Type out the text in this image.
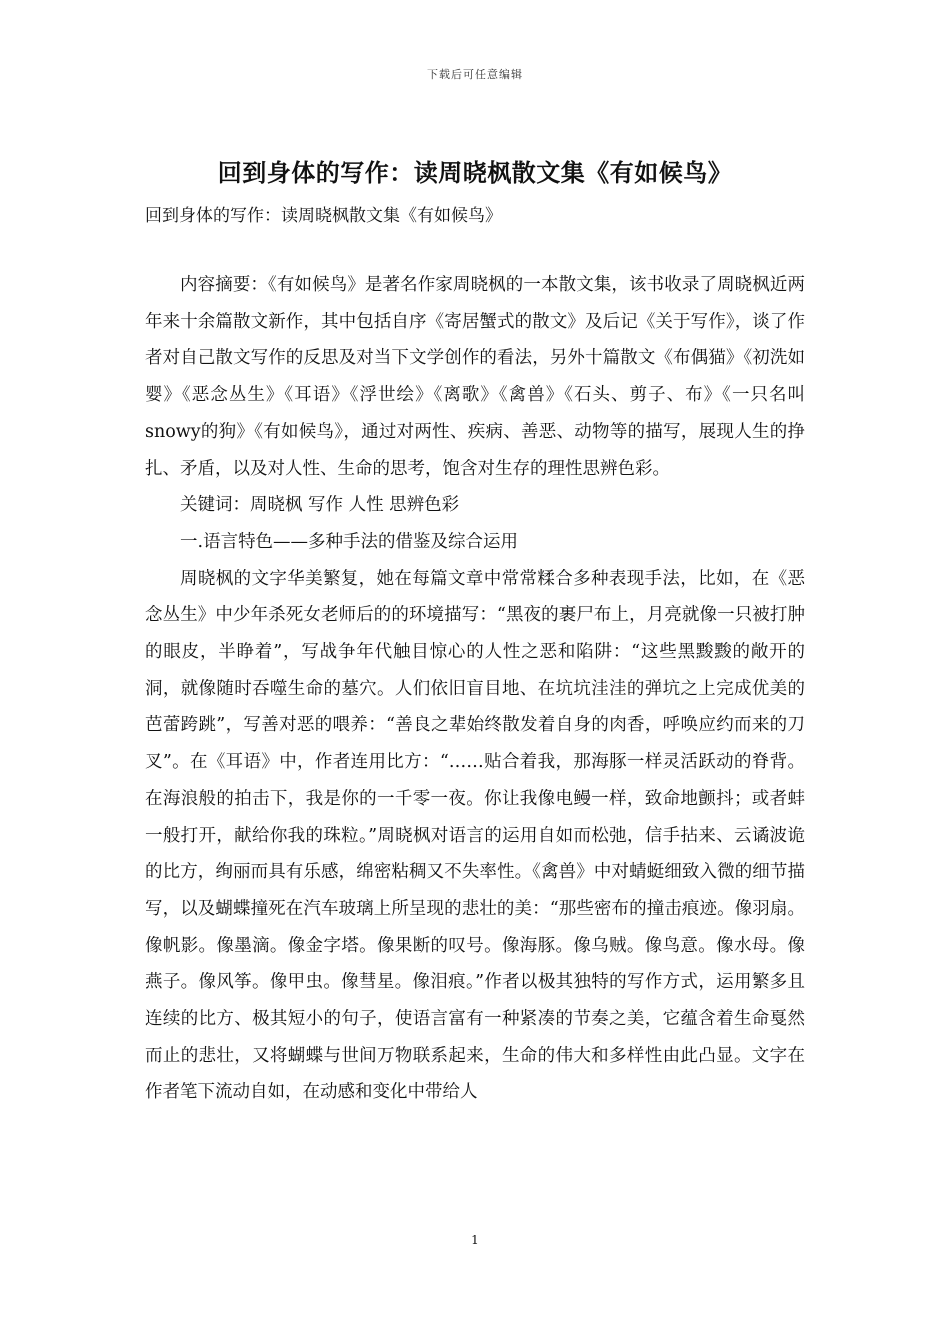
下载后可任意编辑
回到身体的写作：读周晓枫散文集《有如候鸟》
回到身体的写作：读周晓枫散文集《有如候鸟》

内容摘要：《有如候鸟》是著名作家周晓枫的一本散文集，该书收录了周晓枫近两年来十余篇散文新作，其中包括自序《寄居蟹式的散文》及后记《关于写作》，谈了作者对自己散文写作的反思及对当下文学创作的看法，另外十篇散文《布偶猫》《初洗如婴》《恶念丛生》《耳语》《浮世绘》《离歌》《禽兽》《石头、剪子、布》《一只名叫snowy的狗》《有如候鸟》，通过对两性、疾病、善恶、动物等的描写，展现人生的挣扎、矛盾，以及对人性、生命的思考，饱含对生存的理性思辨色彩。

关键词：周晓枫 写作 人性 思辨色彩

一.语言特色——多种手法的借鉴及综合运用

周晓枫的文字华美繁复，她在每篇文章中常常糅合多种表现手法，比如，在《恶念丛生》中少年杀死女老师后的的环境描写：“黑夜的裹尸布上，月亮就像一只被打肿的眼皮，半睁着”，写战争年代触目惊心的人性之恶和陷阱：“这些黑黢黢的敞开的洞，就像随时吞噬生命的墓穴。人们依旧盲目地、在坑坑洼洼的弹坑之上完成优美的芭蕾跨跳”，写善对恶的喂养：“善良之辈始终散发着自身的肉香，呼唤应约而来的刀叉”。在《耳语》中，作者连用比方：“……贴合着我，那海豚一样灵活跃动的脊背。在海浪般的拍击下，我是你的一千零一夜。你让我像电鳗一样，致命地颤抖；或者蚌一般打开，献给你我的珠粒。”周晓枫对语言的运用自如而松弛，信手拈来、云谲波诡的比方，绚丽而具有乐感，绵密粘稠又不失率性。《禽兽》中对蜻蜓细致入微的细节描写，以及蝴蝶撞死在汽车玻璃上所呈现的悲壮的美：“那些密布的撞击痕迹。像羽扇。像帆影。像墨滴。像金字塔。像果断的叹号。像海豚。像乌贼。像鸟意。像水母。像燕子。像风筝。像甲虫。像彗星。像泪痕。”作者以极其独特的写作方式，运用繁多且连续的比方、极其短小的句子，使语言富有一种紧凑的节奏之美，它蕴含着生命戛然而止的悲壮，又将蝴蝶与世间万物联系起来，生命的伟大和多样性由此凸显。文字在作者笔下流动自如，在动感和变化中带给人

1
